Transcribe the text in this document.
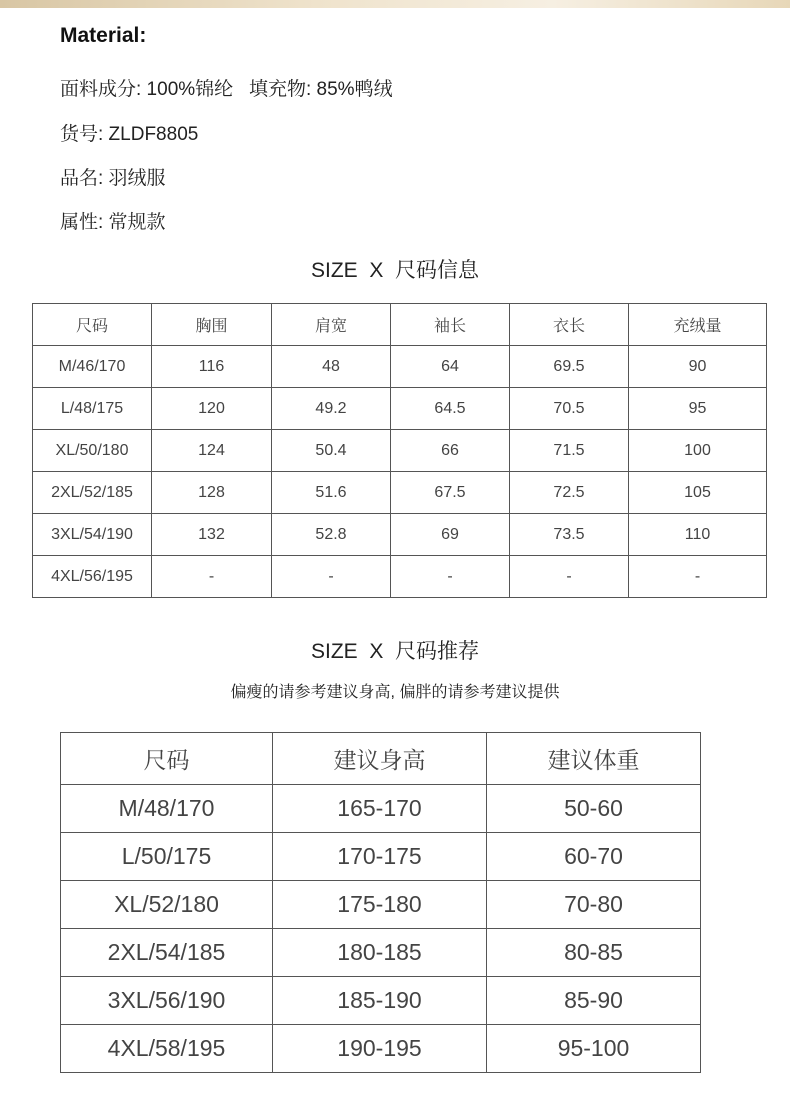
Material:
面料成分: 100%锦纶   填充物: 85%鸭绒
货号: ZLDF8805
品名: 羽绒服
属性: 常规款
SIZE  X  尺码信息
尺码	胸围	肩宽	袖长	衣长	充绒量
M/46/170	116	48	64	69.5	90
L/48/175	120	49.2	64.5	70.5	95
XL/50/180	124	50.4	66	71.5	100
2XL/52/185	128	51.6	67.5	72.5	105
3XL/54/190	132	52.8	69	73.5	110
4XL/56/195	-	-	-	-	-
SIZE  X  尺码推荐
偏瘦的请参考建议身高, 偏胖的请参考建议提供
尺码	建议身高	建议体重
M/48/170	165-170	50-60
L/50/175	170-175	60-70
XL/52/180	175-180	70-80
2XL/54/185	180-185	80-85
3XL/56/190	185-190	85-90
4XL/58/195	190-195	95-100
